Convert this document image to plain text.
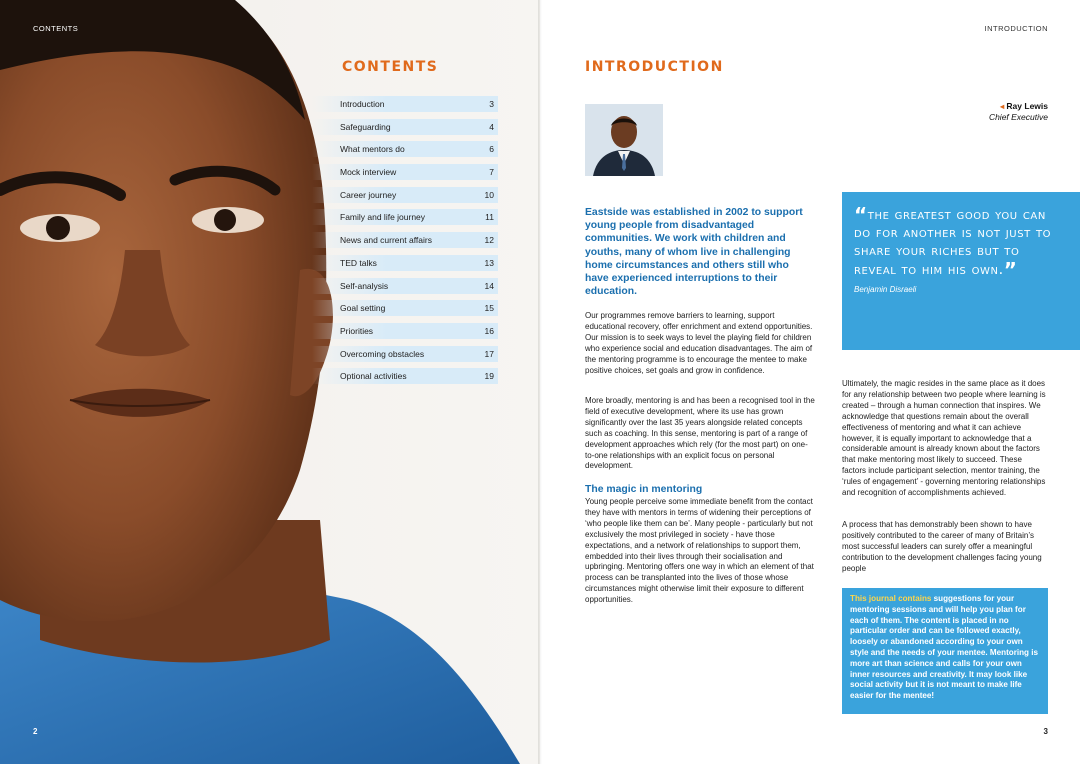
CONTENTS
contents
Introduction	3
Safeguarding	4
What mentors do	6
Mock interview	7
Career journey	10
Family and life journey	11
News and current affairs	12
TED talks	13
Self-analysis	14
Goal setting	15
Priorities	16
Overcoming obstacles	17
Optional activities	19
2
INTRODUCTION
introduction
◂ Ray Lewis
Chief Executive

Eastside was established in 2002 to support young people from disadvantaged communities. We work with children and youths, many of whom live in challenging home circumstances and others still who have experienced interruptions to their education.

Our programmes remove barriers to learning, support educational recovery, offer enrichment and extend opportunities. Our mission is to seek ways to level the playing field for children who experience social and education disadvantages. The aim of the mentoring programme is to encourage the mentee to make positive choices, set goals and grow in confidence.

More broadly, mentoring is and has been a recognised tool in the field of executive development, where its use has grown significantly over the last 35 years alongside related concepts such as coaching. In this sense, mentoring is part of a range of development approaches which rely (for the most part) on one-to-one relationships with an explicit focus on personal development.

The magic in mentoring

Young people perceive some immediate benefit from the contact they have with mentors in terms of widening their perceptions of ‘who people like them can be’. Many people - particularly but not exclusively the most privileged in society - have those expectations, and a network of relationships to support them, embedded into their lives through their socialisation and upbringing. Mentoring offers one way in which an element of that process can be transplanted into the lives of those whose circumstances might otherwise limit their exposure to different opportunities.

“the greatest good you can do for another is not just to share your riches but to reveal to him his own.”

Benjamin Disraeli

Ultimately, the magic resides in the same place as it does for any relationship between two people where learning is created – through a human connection that inspires. We acknowledge that questions remain about the overall effectiveness of mentoring and what it can achieve however, it is equally important to acknowledge that a considerable amount is already known about the factors that make mentoring most likely to succeed. These factors include participant selection, mentor training, the ‘rules of engagement’ - governing mentoring relationships and recognition of accomplishments achieved.

A process that has demonstrably been shown to have positively contributed to the career of many of Britain’s most successful leaders can surely offer a meaningful contribution to the development challenges facing young people

This journal contains suggestions for your mentoring sessions and will help you plan for each of them. The content is placed in no particular order and can be followed exactly, loosely or abandoned according to your own style and the needs of your mentee. Mentoring is more art than science and calls for your own inner resources and creativity. It may look like social activity but it is not meant to make life easier for the mentee!
3
